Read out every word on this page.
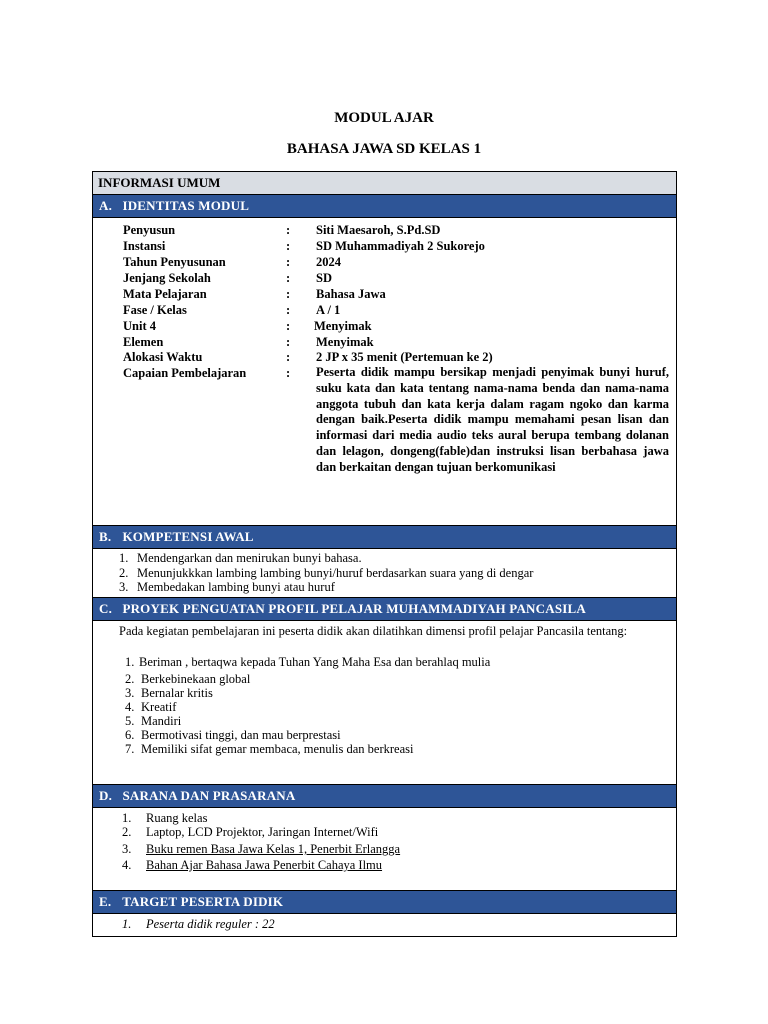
MODUL AJAR
BAHASA JAWA SD KELAS 1
INFORMASI UMUM
A. IDENTITAS MODUL
Penyusun	: Siti Maesaroh, S.Pd.SD
Instansi	: SD Muhammadiyah 2 Sukorejo
Tahun Penyusunan	: 2024
Jenjang Sekolah	: SD
Mata Pelajaran	: Bahasa Jawa
Fase / Kelas	: A / 1
Unit 4	: Menyimak
Elemen	: Menyimak
Alokasi Waktu	: 2 JP x 35 menit (Pertemuan ke 2)
Capaian Pembelajaran	: Peserta didik mampu bersikap menjadi penyimak bunyi huruf, suku kata dan kata tentang nama-nama benda dan nama-nama anggota tubuh dan kata kerja dalam ragam ngoko dan karma dengan baik.Peserta didik mampu memahami pesan lisan dan informasi dari media audio teks aural berupa tembang dolanan dan lelagon, dongeng(fable)dan instruksi lisan berbahasa jawa dan berkaitan dengan tujuan berkomunikasi
B. KOMPETENSI AWAL
1. Mendengarkan dan menirukan bunyi bahasa.
2. Menunjukkkan lambing lambing bunyi/huruf berdasarkan suara yang di dengar
3. Membedakan lambing bunyi atau huruf
C. PROYEK PENGUATAN PROFIL PELAJAR MUHAMMADIYAH PANCASILA
Pada kegiatan pembelajaran ini peserta didik akan dilatihkan dimensi profil pelajar Pancasila tentang:
1. Beriman , bertaqwa kepada Tuhan Yang Maha Esa dan berahlaq mulia
2. Berkebinekaan global
3. Bernalar kritis
4. Kreatif
5. Mandiri
6. Bermotivasi tinggi, dan mau berprestasi
7. Memiliki sifat gemar membaca, menulis dan berkreasi
D. SARANA DAN PRASARANA
1. Ruang kelas
2. Laptop, LCD Projektor, Jaringan Internet/Wifi
3. Buku remen Basa Jawa Kelas 1, Penerbit Erlangga
4. Bahan Ajar Bahasa Jawa Penerbit Cahaya Ilmu
E. TARGET PESERTA DIDIK
1. Peserta didik reguler : 22
